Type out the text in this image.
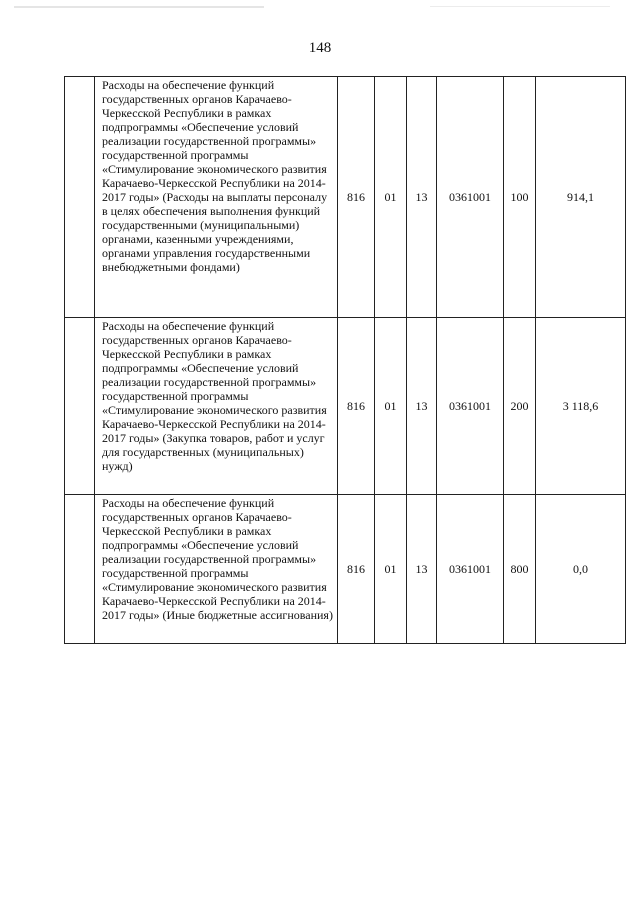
148
	Расходы на обеспечение функций государственных органов Карачаево-Черкесской Республики в рамках подпрограммы «Обеспечение условий реализации государственной программы» государственной программы «Стимулирование экономического развития Карачаево-Черкесской Республики на 2014-2017 годы» (Расходы на выплаты персоналу в целях обеспечения выполнения функций государственными (муниципальными) органами, казенными учреждениями, органами управления государственными внебюджетными фондами)	816	01	13	0361001	100	914,1
	Расходы на обеспечение функций государственных органов Карачаево-Черкесской Республики в рамках подпрограммы «Обеспечение условий реализации государственной программы» государственной программы «Стимулирование экономического развития Карачаево-Черкесской Республики на 2014-2017 годы» (Закупка товаров, работ и услуг для государственных (муниципальных) нужд)	816	01	13	0361001	200	3 118,6
	Расходы на обеспечение функций государственных органов Карачаево-Черкесской Республики в рамках подпрограммы «Обеспечение условий реализации государственной программы» государственной программы «Стимулирование экономического развития Карачаево-Черкесской Республики на 2014-2017 годы» (Иные бюджетные ассигнования)	816	01	13	0361001	800	0,0
